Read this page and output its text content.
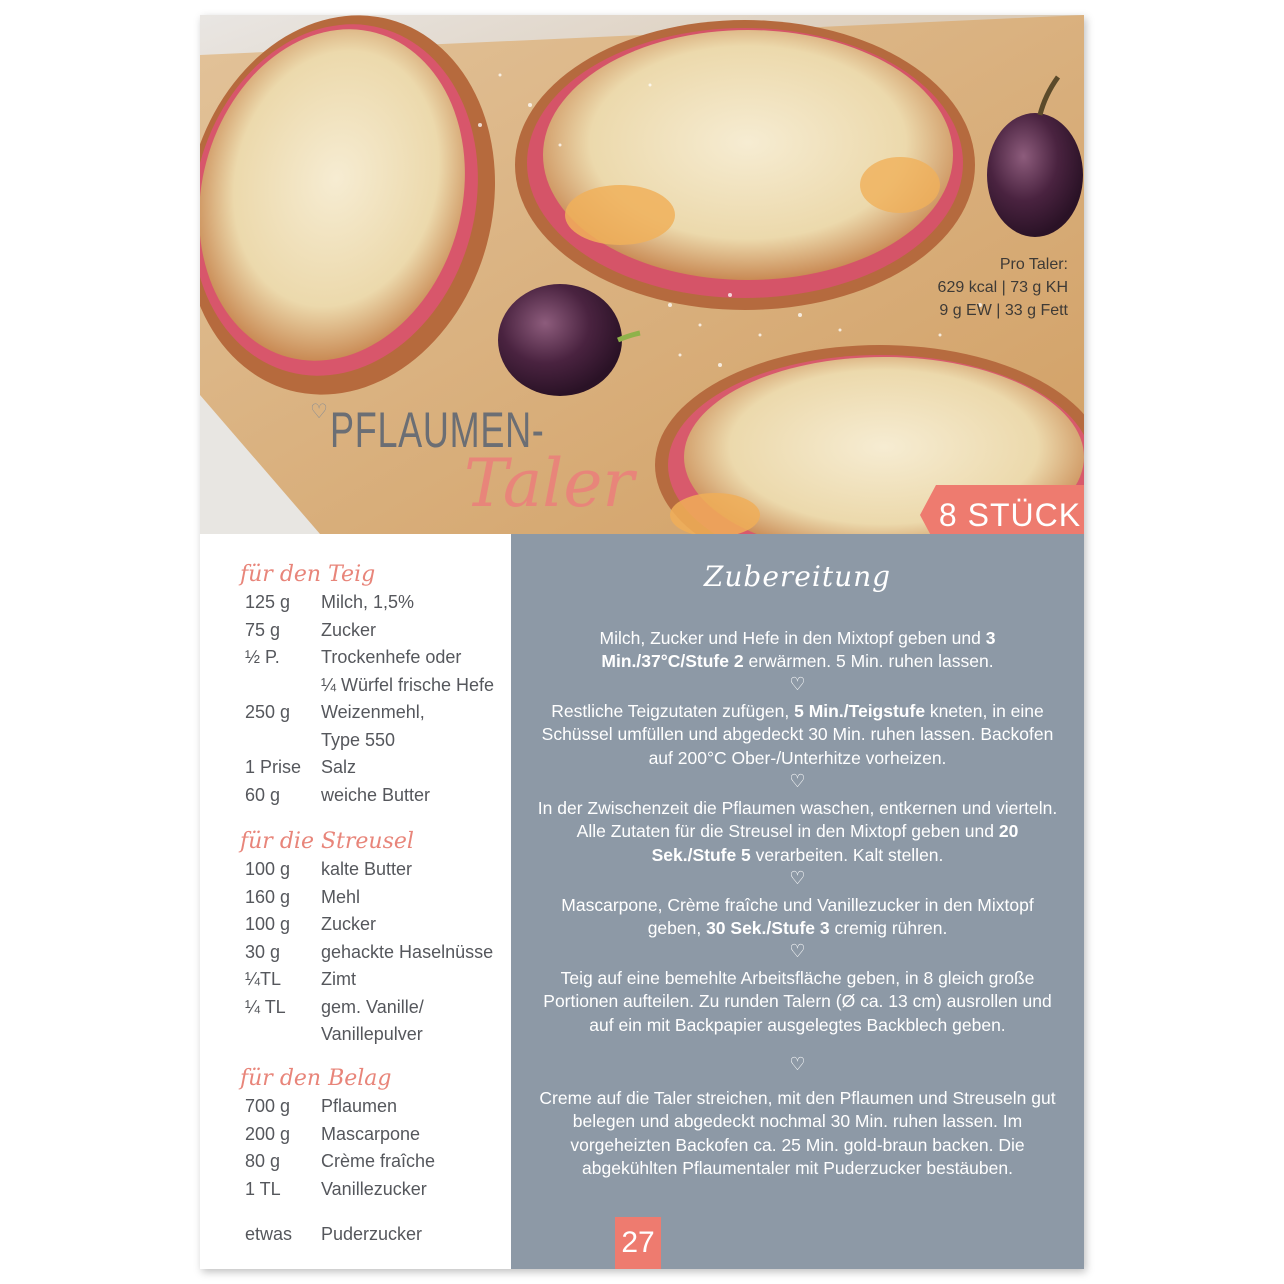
Pro Taler:
629 kcal | 73 g KH
9 g EW | 33 g Fett
♡ PFLAUMEN-
Taler	8 STÜCK
für den Teig
125 g Milch, 1,5%
75 g Zucker
½ P. Trockenhefe oder
¼ Würfel frische Hefe
250 g Weizenmehl,
Type 550
1 Prise Salz
60 g weiche Butter
für die Streusel
100 g kalte Butter
160 g Mehl
100 g Zucker
30 g gehackte Haselnüsse
¼TL Zimt
¼ TL gem. Vanille/
Vanillepulver
für den Belag
700 g Pflaumen
200 g Mascarpone
80 g Crème fraîche
1 TL Vanillezucker
etwas Puderzucker
Zubereitung
Milch, Zucker und Hefe in den Mixtopf geben und 3 Min./37°C/Stufe 2 erwärmen. 5 Min. ruhen lassen.
Restliche Teigzutaten zufügen, 5 Min./Teigstufe kneten, in eine Schüssel umfüllen und abgedeckt 30 Min. ruhen lassen. Backofen auf 200°C Ober-/Unterhitze vorheizen.
In der Zwischenzeit die Pflaumen waschen, entkernen und vierteln. Alle Zutaten für die Streusel in den Mixtopf geben und 20 Sek./Stufe 5 verarbeiten. Kalt stellen.
Mascarpone, Crème fraîche und Vanillezucker in den Mixtopf geben, 30 Sek./Stufe 3 cremig rühren.
Teig auf eine bemehlte Arbeitsfläche geben, in 8 gleich große Portionen aufteilen. Zu runden Talern (Ø ca. 13 cm) ausrollen und auf ein mit Backpapier ausgelegtes Backblech geben.
Creme auf die Taler streichen, mit den Pflaumen und Streuseln gut belegen und abgedeckt nochmal 30 Min. ruhen lassen. Im vorgeheizten Backofen ca. 25 Min. gold-braun backen. Die abgekühlten Pflaumentaler mit Puderzucker bestäuben.
♡
♡
♡
♡
♡
27
